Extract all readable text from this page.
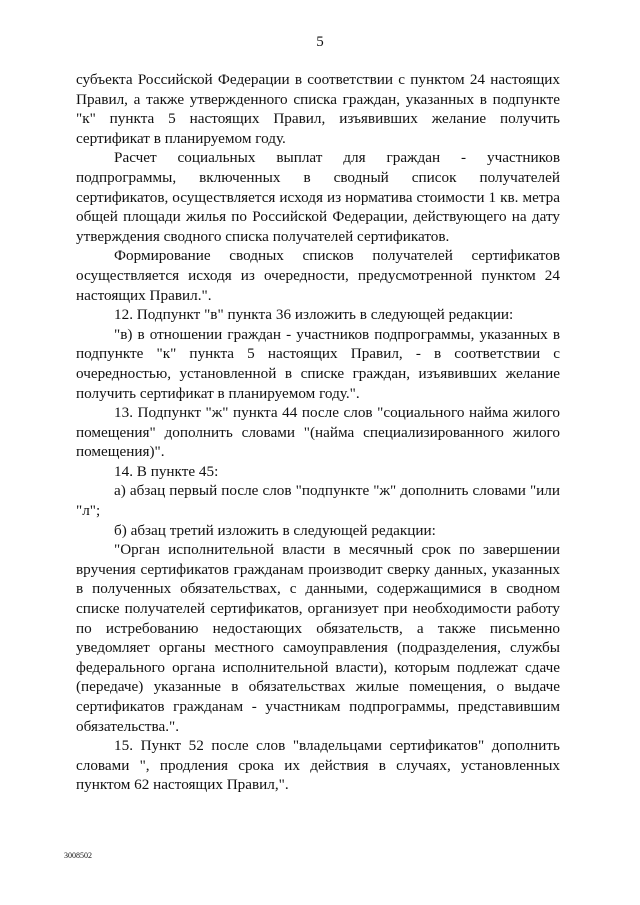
5

субъекта Российской Федерации в соответствии с пунктом 24 настоящих Правил, а также утвержденного списка граждан, указанных в подпункте "к" пункта 5 настоящих Правил, изъявивших желание получить сертификат в планируемом году.

Расчет социальных выплат для граждан - участников подпрограммы, включенных в сводный список получателей сертификатов, осуществляется исходя из норматива стоимости 1 кв. метра общей площади жилья по Российской Федерации, действующего на дату утверждения сводного списка получателей сертификатов.

Формирование сводных списков получателей сертификатов осуществляется исходя из очередности, предусмотренной пунктом 24 настоящих Правил.".

12. Подпункт "в" пункта 36 изложить в следующей редакции:

"в) в отношении граждан - участников подпрограммы, указанных в подпункте "к" пункта 5 настоящих Правил, - в соответствии с очередностью, установленной в списке граждан, изъявивших желание получить сертификат в планируемом году.".

13. Подпункт "ж" пункта 44 после слов "социального найма жилого помещения" дополнить словами "(найма специализированного жилого помещения)".

14. В пункте 45:

а) абзац первый после слов "подпункте "ж" дополнить словами "или "л";

б) абзац третий изложить в следующей редакции:

"Орган исполнительной власти в месячный срок по завершении вручения сертификатов гражданам производит сверку данных, указанных в полученных обязательствах, с данными, содержащимися в сводном списке получателей сертификатов, организует при необходимости работу по истребованию недостающих обязательств, а также письменно уведомляет органы местного самоуправления (подразделения, службы федерального органа исполнительной власти), которым подлежат сдаче (передаче) указанные в обязательствах жилые помещения, о выдаче сертификатов гражданам - участникам подпрограммы, представившим обязательства.".

15. Пункт 52 после слов "владельцами сертификатов" дополнить словами ", продления срока их действия в случаях, установленных пунктом 62 настоящих Правил,".

3008502
